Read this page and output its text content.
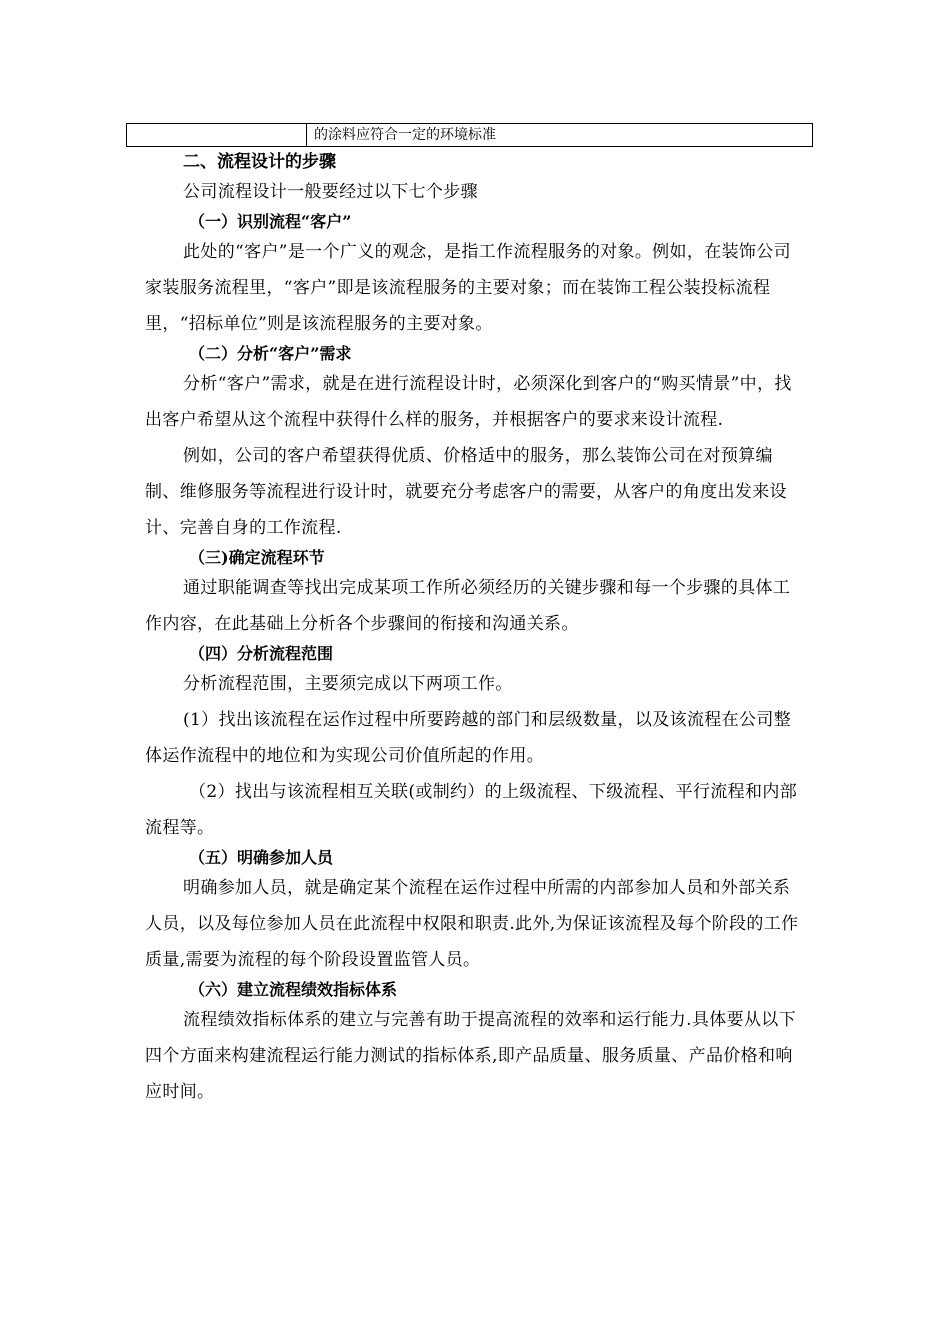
的涂料应符合一定的环境标准
二、流程设计的步骤

公司流程设计一般要经过以下七个步骤

（一）识别流程“客户”

此处的“客户”是一个广义的观念，是指工作流程服务的对象。例如，在装饰公司家装服务流程里，“客户”即是该流程服务的主要对象；而在装饰工程公装投标流程里，“招标单位”则是该流程服务的主要对象。

（二）分析“客户”需求

分析“客户”需求，就是在进行流程设计时，必须深化到客户的“购买情景”中，找出客户希望从这个流程中获得什么样的服务，并根据客户的要求来设计流程.

例如，公司的客户希望获得优质、价格适中的服务，那么装饰公司在对预算编制、维修服务等流程进行设计时，就要充分考虑客户的需要，从客户的角度出发来设计、完善自身的工作流程.

（三)确定流程环节

通过职能调查等找出完成某项工作所必须经历的关键步骤和每一个步骤的具体工作内容，在此基础上分析各个步骤间的衔接和沟通关系。

（四）分析流程范围

分析流程范围，主要须完成以下两项工作。

(1）找出该流程在运作过程中所要跨越的部门和层级数量，以及该流程在公司整体运作流程中的地位和为实现公司价值所起的作用。

（2）找出与该流程相互关联(或制约）的上级流程、下级流程、平行流程和内部流程等。

（五）明确参加人员

明确参加人员，就是确定某个流程在运作过程中所需的内部参加人员和外部关系人员，以及每位参加人员在此流程中权限和职责.此外,为保证该流程及每个阶段的工作质量,需要为流程的每个阶段设置监管人员。

（六）建立流程绩效指标体系

流程绩效指标体系的建立与完善有助于提高流程的效率和运行能力.具体要从以下四个方面来构建流程运行能力测试的指标体系,即产品质量、服务质量、产品价格和响应时间。
